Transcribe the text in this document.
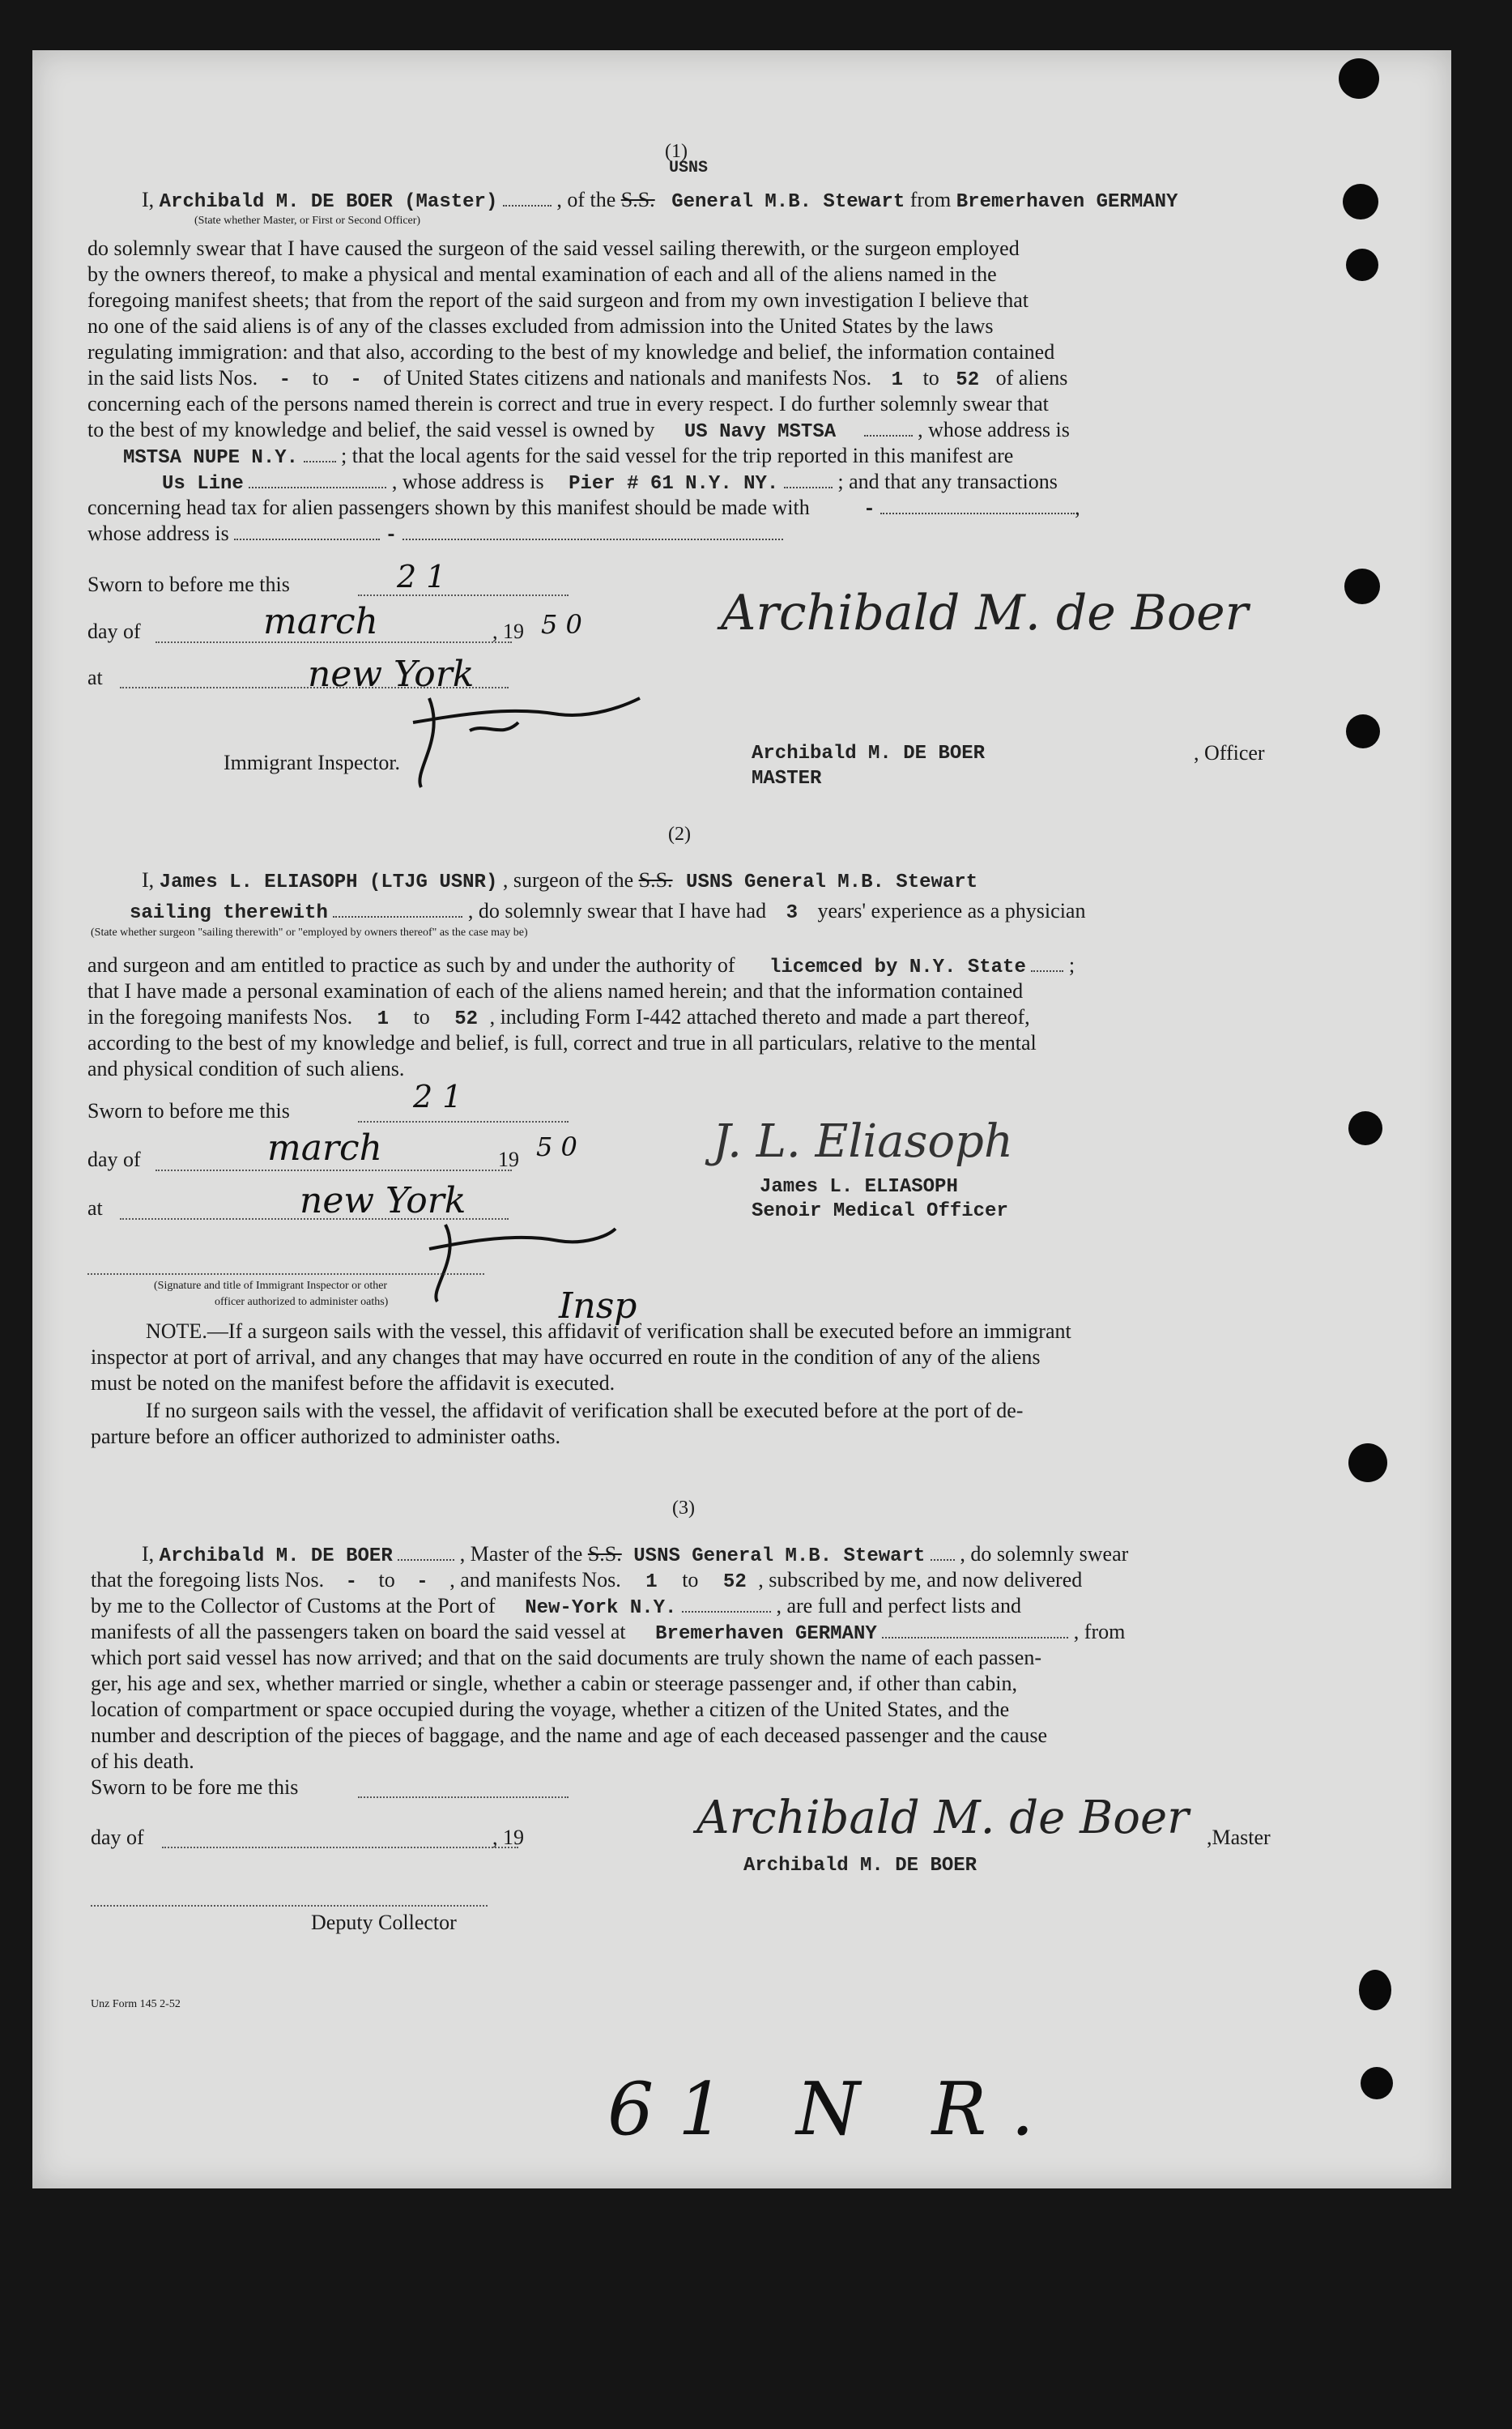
(1)
USNS
I, Archibald M. DE BOER (Master)	, of the S.S. General M.B. Stewart from Bremerhaven GERMANY
(State whether Master, or First or Second Officer)
do solemnly swear that I have caused the surgeon of the said vessel sailing therewith, or the surgeon employed
by the owners thereof, to make a physical and mental examination of each and all of the aliens named in the
foregoing manifest sheets; that from the report of the said surgeon and from my own investigation I believe that
no one of the said aliens is of any of the classes excluded from admission into the United States by the laws
regulating immigration: and that also, according to the best of my knowledge and belief, the information contained
in the said lists Nos. - to - of United States citizens and nationals and manifests Nos. 1 to 52 of aliens
concerning each of the persons named therein is correct and true in every respect. I do further solemnly swear that
to the best of my knowledge and belief, the said vessel is owned by US Navy MSTSA	, whose address is
MSTSA NUPE N.Y. ; that the local agents for the said vessel for the trip reported in this manifest are
Us Line	, whose address is Pier # 61 N.Y. NY.	; and that any transactions
concerning head tax for alien passengers shown by this manifest should be made with	-	,
whose address is	-
Sworn to before me this	2 1
day of	march	, 19 5 0
at	new York
Immigrant Inspector.
Archibald M. de Boer
Archibald M. DE BOER	, Officer
MASTER
(2)
I, James L. ELIASOPH (LTJG USNR) , surgeon of the S.S. USNS General M.B. Stewart
sailing therewith	, do solemnly swear that I have had 3 years' experience as a physician
(State whether surgeon "sailing therewith" or "employed by owners thereof" as the case may be)
and surgeon and am entitled to practice as such by and under the authority of licemced by N.Y. State  ;
that I have made a personal examination of each of the aliens named herein; and that the information contained
in the foregoing manifests Nos. 1 to 52 , including Form I-442 attached thereto and made a part thereof,
according to the best of my knowledge and belief, is full, correct and true in all particulars, relative to the mental
and physical condition of such aliens.
Sworn to before me this	2 1
day of	march	19 5 0
at	new York
(Signature and title of Immigrant Inspector or other
officer authorized to administer oaths)	Insp
J. L. Eliasoph
James L. ELIASOPH
Senoir Medical Officer
NOTE.—If a surgeon sails with the vessel, this affidavit of verification shall be executed before an immigrant
inspector at port of arrival, and any changes that may have occurred en route in the condition of any of the aliens
must be noted on the manifest before the affidavit is executed.
If no surgeon sails with the vessel, the affidavit of verification shall be executed before at the port of de-
parture before an officer authorized to administer oaths.
(3)
I, Archibald M. DE BOER	, Master of the S.S. USNS General M.B. Stewart , do solemnly swear
that the foregoing lists Nos. - to - , and manifests Nos. 1 to 52 , subscribed by me, and now delivered
by me to the Collector of Customs at the Port of New-York N.Y.	, are full and perfect lists and
manifests of all the passengers taken on board the said vessel at Bremerhaven GERMANY	, from
which port said vessel has now arrived; and that on the said documents are truly shown the name of each passen-
ger, his age and sex, whether married or single, whether a cabin or steerage passenger and, if other than cabin,
location of compartment or space occupied during the voyage, whether a citizen of the United States, and the
number and description of the pieces of baggage, and the name and age of each deceased passenger and the cause
of his death.
Sworn to be fore me this
day of	, 19	Archibald M. de Boer ,Master
Archibald M. DE BOER
Deputy Collector
Unz Form 145 2-52
61 N R.
